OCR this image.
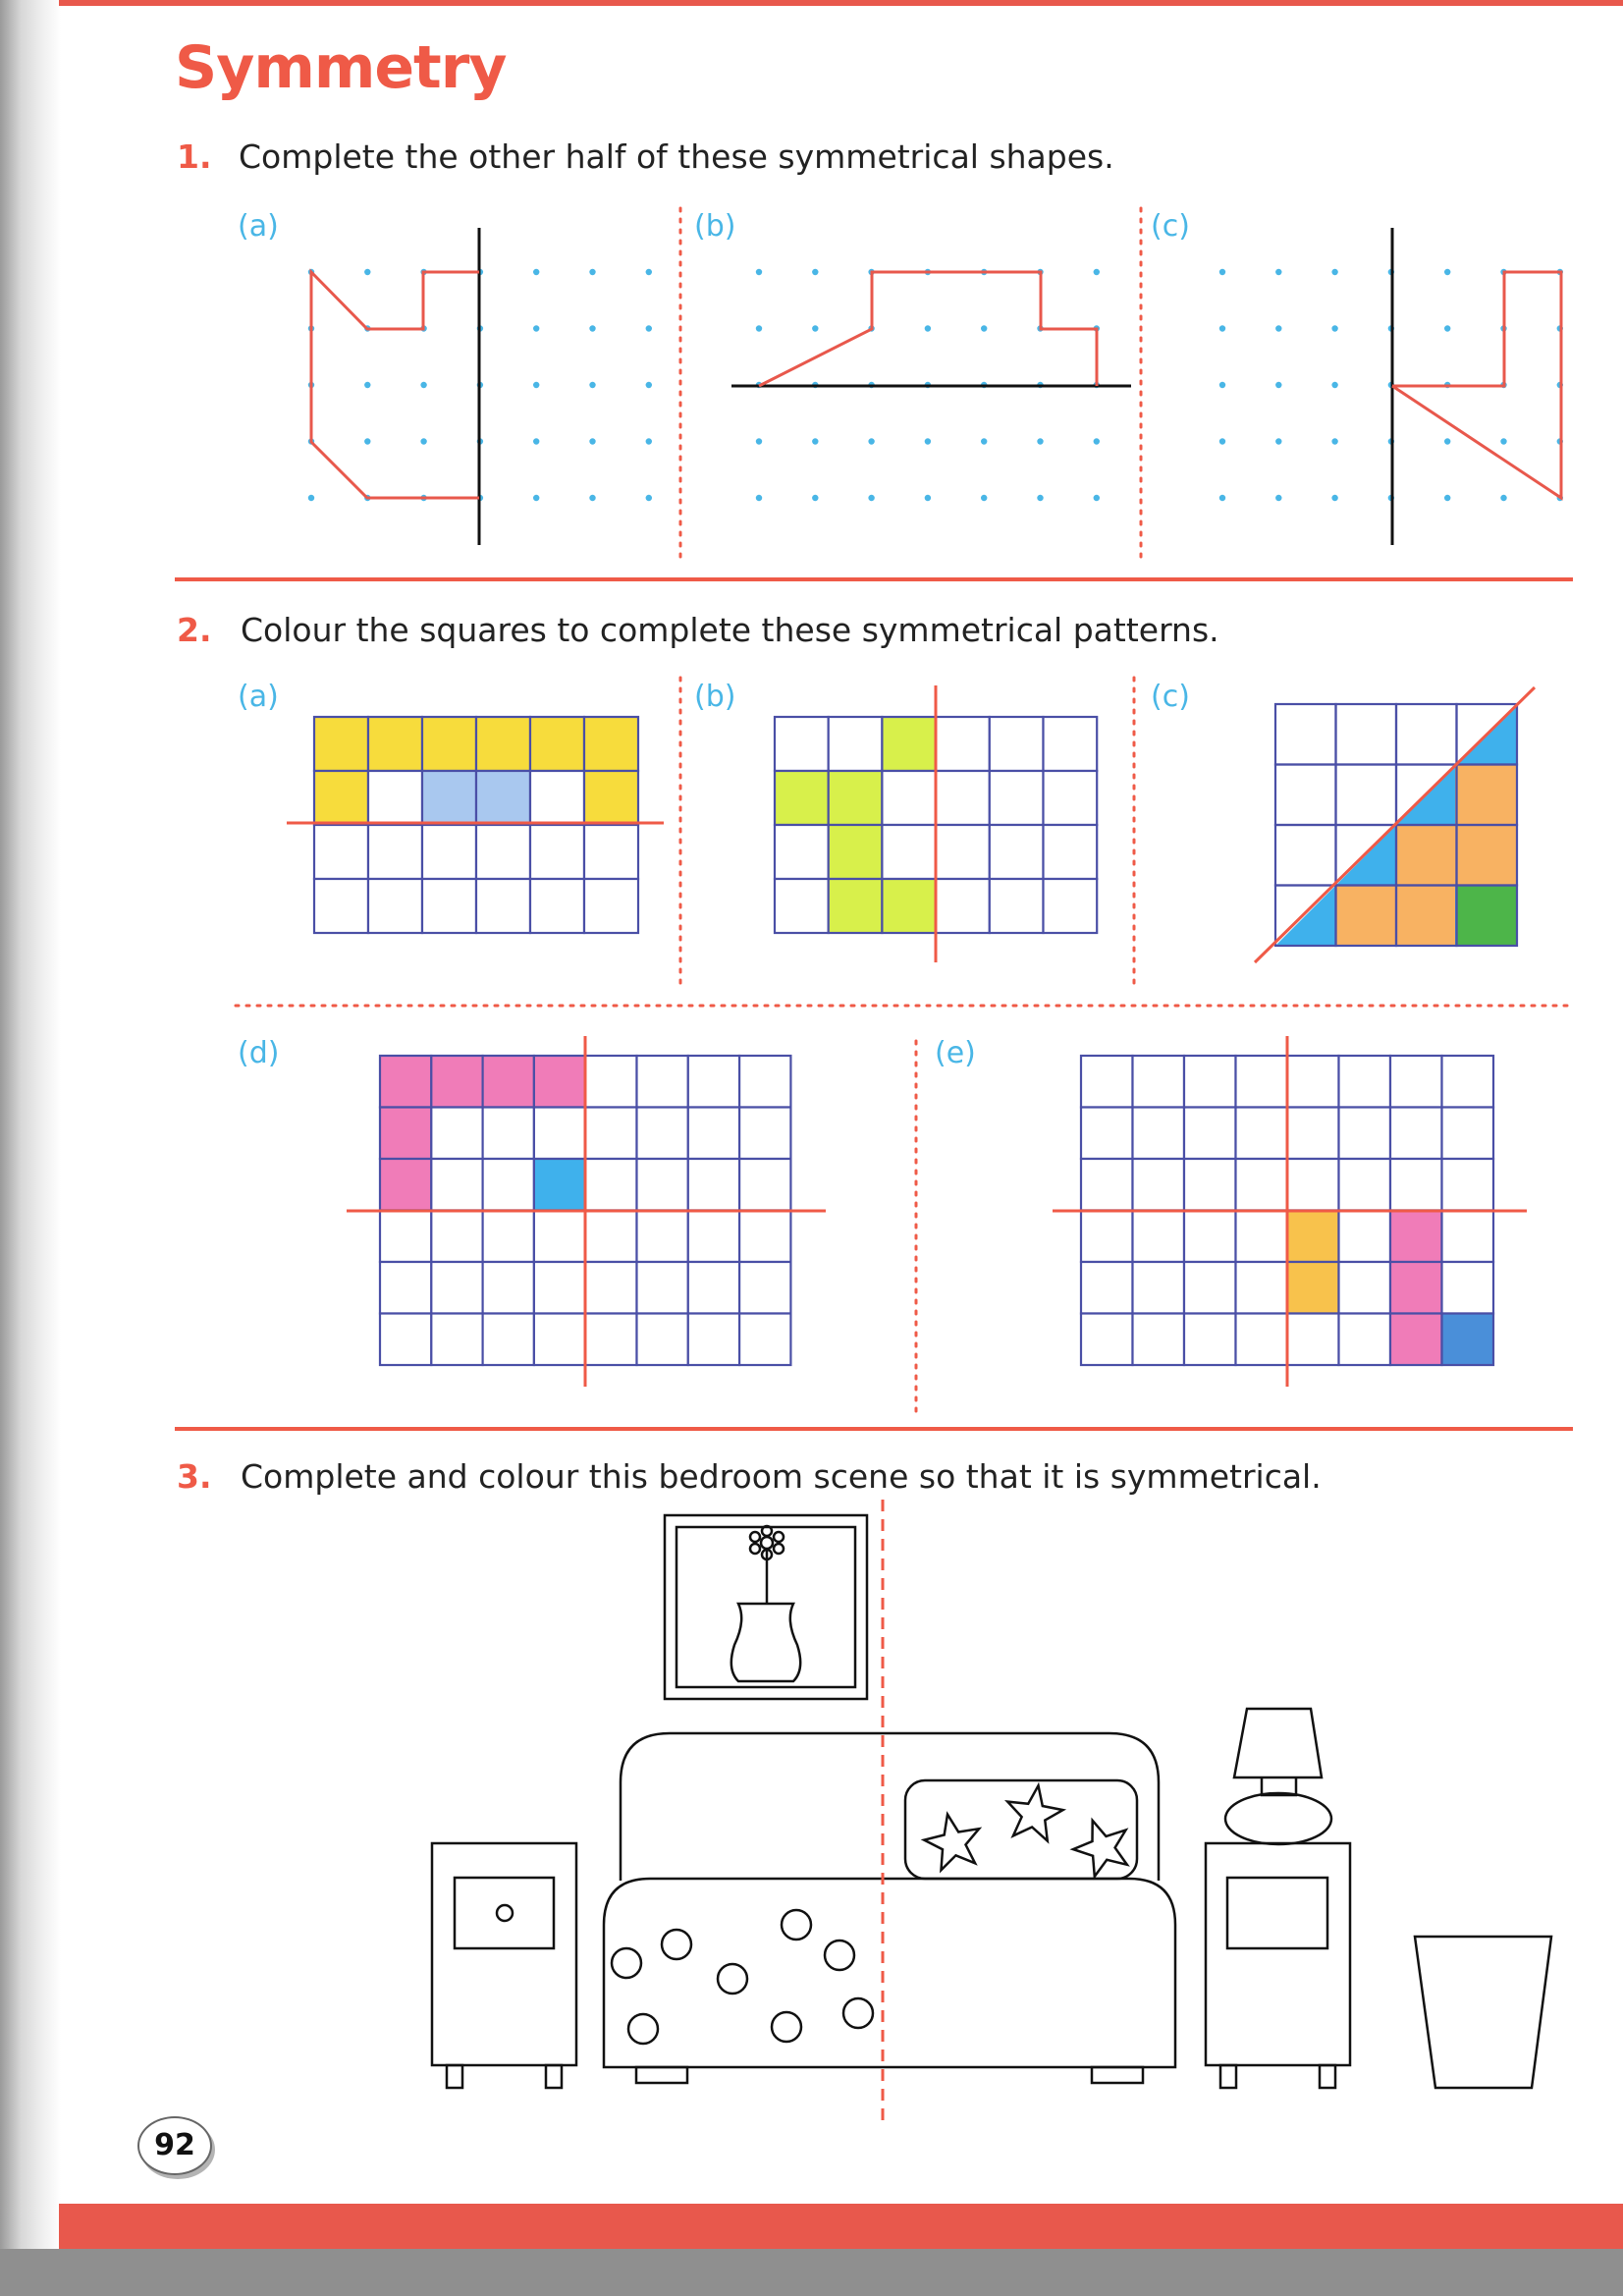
Symmetry
1. Complete the other half of these symmetrical shapes.
2. Colour the squares to complete these symmetrical patterns.
3. Complete and colour this bedroom scene so that it is symmetrical.
(a)	(b)	(c)
(a)	(b)	(c)
(d)	(e)
92
